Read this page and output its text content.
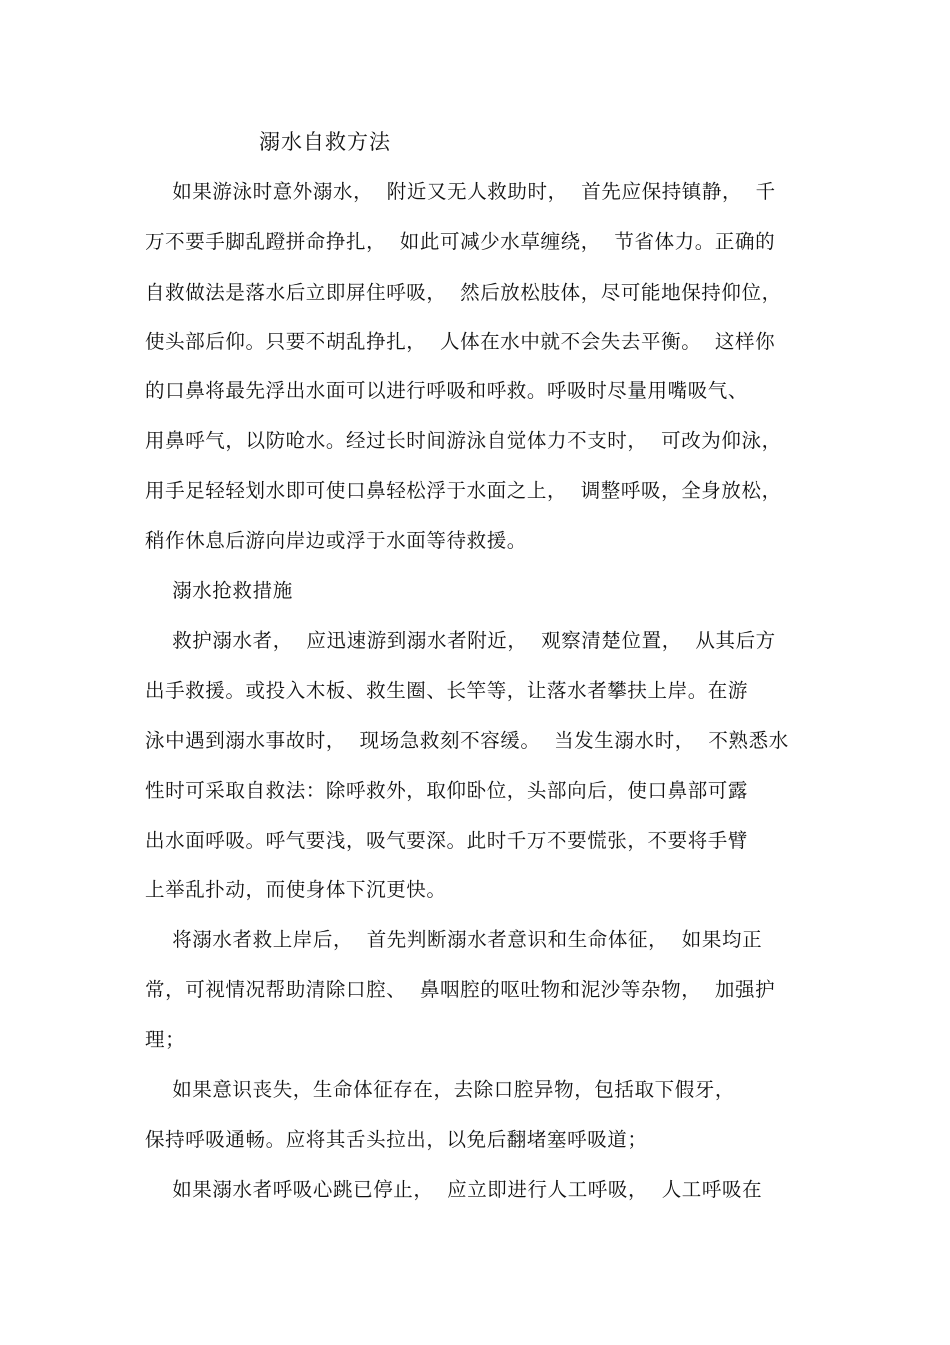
溺水自救方法
如果游泳时意外溺水，  附近又无人救助时，  首先应保持镇静，  千
万不要手脚乱蹬拼命挣扎，  如此可减少水草缠绕，  节省体力。正确的
自救做法是落水后立即屏住呼吸，  然后放松肢体，尽可能地保持仰位，
使头部后仰。只要不胡乱挣扎，  人体在水中就不会失去平衡。  这样你
的口鼻将最先浮出水面可以进行呼吸和呼救。呼吸时尽量用嘴吸气、
用鼻呼气，以防呛水。经过长时间游泳自觉体力不支时，  可改为仰泳，
用手足轻轻划水即可使口鼻轻松浮于水面之上，  调整呼吸，全身放松，
稍作休息后游向岸边或浮于水面等待救援。
溺水抢救措施
救护溺水者，  应迅速游到溺水者附近，  观察清楚位置，  从其后方
出手救援。或投入木板、救生圈、长竿等，让落水者攀扶上岸。在游
泳中遇到溺水事故时，  现场急救刻不容缓。  当发生溺水时，  不熟悉水
性时可采取自救法：除呼救外，取仰卧位，头部向后，使口鼻部可露
出水面呼吸。呼气要浅，吸气要深。此时千万不要慌张，不要将手臂
上举乱扑动，而使身体下沉更快。
将溺水者救上岸后，  首先判断溺水者意识和生命体征，  如果均正
常，可视情况帮助清除口腔、  鼻咽腔的呕吐物和泥沙等杂物，  加强护
理；
如果意识丧失，生命体征存在，去除口腔异物，包括取下假牙，
保持呼吸通畅。应将其舌头拉出，以免后翻堵塞呼吸道；
如果溺水者呼吸心跳已停止，  应立即进行人工呼吸，  人工呼吸在
